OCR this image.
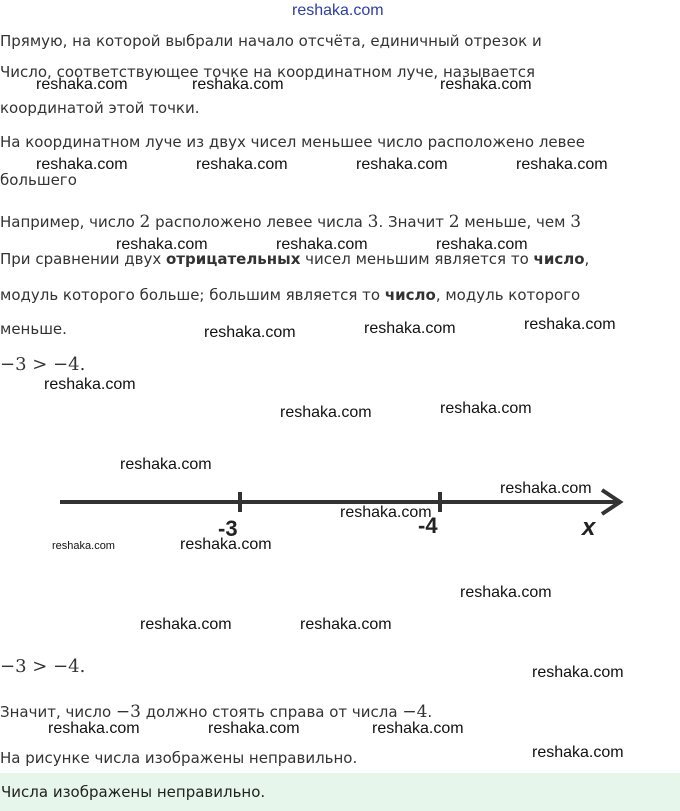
reshaka.com

Прямую, на которой выбрали начало отсчёта, единичный отрезок и

Число, соответствующее точке на координатном луче, называется

координатой этой точки.

На координатном луче из двух чисел меньшее число расположено левее

большего

Например, число 2 расположено левее числа 3. Значит 2 меньше, чем 3

При сравнении двух отрицательных чисел меньшим является то число,

модуль которого больше; большим является то число, модуль которого

меньше.

−3 > −4.

-3	-4	x

−3 > −4.

Значит, число −3 должно стоять справа от числа −4.

На рисунке числа изображены неправильно.

Числа изображены неправильно.
reshaka.com	reshaka.com	reshaka.com
reshaka.com	reshaka.com	reshaka.com	reshaka.com
reshaka.com	reshaka.com	reshaka.com
reshaka.com	reshaka.com	reshaka.com
reshaka.com
reshaka.com	reshaka.com
reshaka.com
reshaka.com
reshaka.com
reshaka.com	reshaka.com
reshaka.com
reshaka.com	reshaka.com
reshaka.com
reshaka.com	reshaka.com	reshaka.com
reshaka.com
